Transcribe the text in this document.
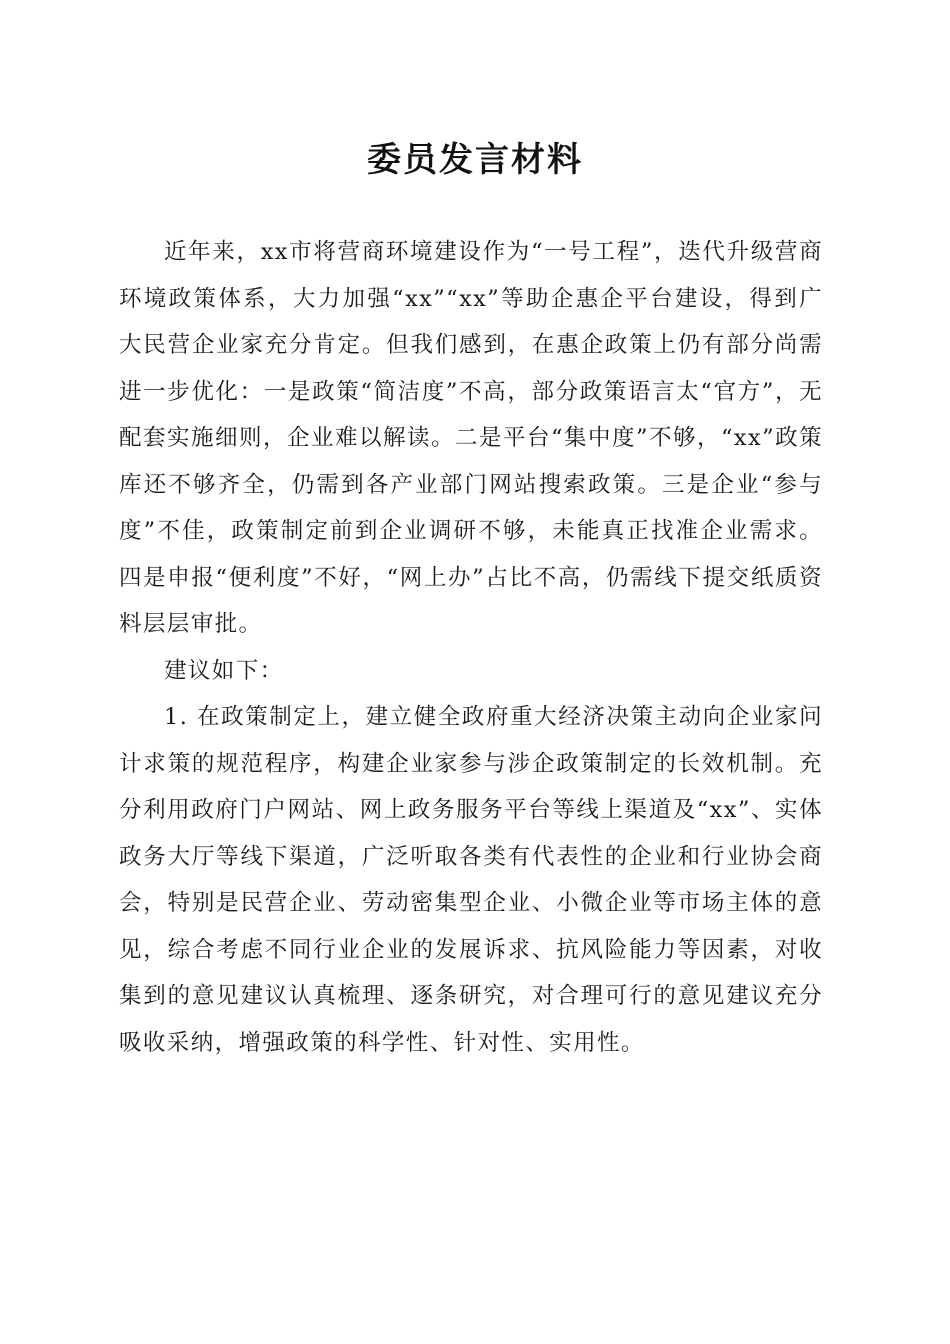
委员发言材料

近年来，xx市将营商环境建设作为“一号工程”，迭代升级营商环境政策体系，大力加强“xx”“xx”等助企惠企平台建设，得到广大民营企业家充分肯定。但我们感到，在惠企政策上仍有部分尚需进一步优化：一是政策“简洁度”不高，部分政策语言太“官方”，无配套实施细则，企业难以解读。二是平台“集中度”不够，“xx”政策库还不够齐全，仍需到各产业部门网站搜索政策。三是企业“参与度”不佳，政策制定前到企业调研不够，未能真正找准企业需求。四是申报“便利度”不好，“网上办”占比不高，仍需线下提交纸质资料层层审批。

建议如下：

1. 在政策制定上，建立健全政府重大经济决策主动向企业家问计求策的规范程序，构建企业家参与涉企政策制定的长效机制。充分利用政府门户网站、网上政务服务平台等线上渠道及“xx”、实体政务大厅等线下渠道，广泛听取各类有代表性的企业和行业协会商会，特别是民营企业、劳动密集型企业、小微企业等市场主体的意见，综合考虑不同行业企业的发展诉求、抗风险能力等因素，对收集到的意见建议认真梳理、逐条研究，对合理可行的意见建议充分吸收采纳，增强政策的科学性、针对性、实用性。
